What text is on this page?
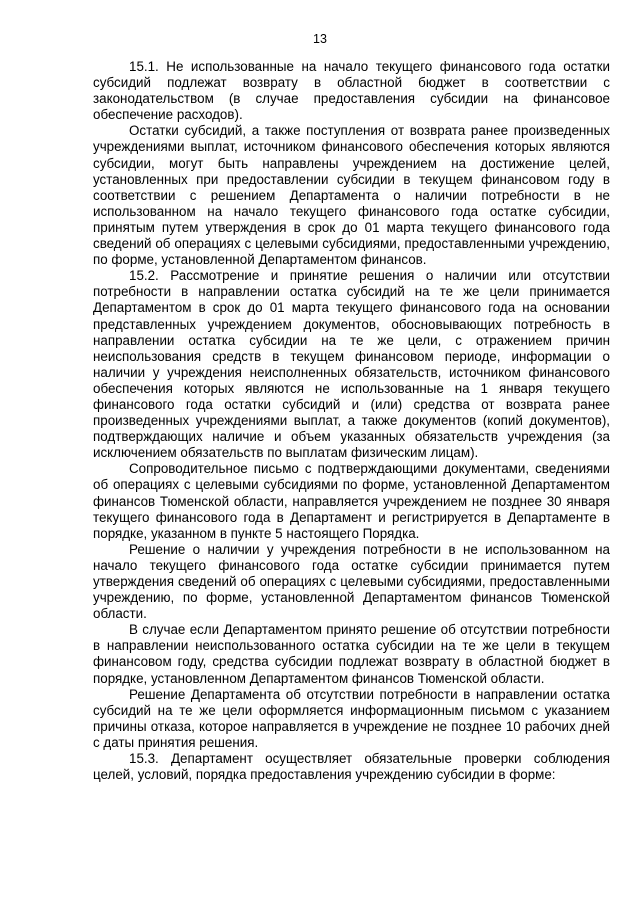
13

15.1. Не использованные на начало текущего финансового года остатки субсидий подлежат возврату в областной бюджет в соответствии с законодательством (в случае предоставления субсидии на финансовое обеспечение расходов).

Остатки субсидий, а также поступления от возврата ранее произведенных учреждениями выплат, источником финансового обеспечения которых являются субсидии, могут быть направлены учреждением на достижение целей, установленных при предоставлении субсидии в текущем финансовом году в соответствии с решением Департамента о наличии потребности в не использованном на начало текущего финансового года остатке субсидии, принятым путем утверждения в срок до 01 марта текущего финансового года сведений об операциях с целевыми субсидиями, предоставленными учреждению, по форме, установленной Департаментом финансов.

15.2. Рассмотрение и принятие решения о наличии или отсутствии потребности в направлении остатка субсидий на те же цели принимается Департаментом в срок до 01 марта текущего финансового года на основании представленных учреждением документов, обосновывающих потребность в направлении остатка субсидии на те же цели, с отражением причин неиспользования средств в текущем финансовом периоде, информации о наличии у учреждения неисполненных обязательств, источником финансового обеспечения которых являются не использованные на 1 января текущего финансового года остатки субсидий и (или) средства от возврата ранее произведенных учреждениями выплат, а также документов (копий документов), подтверждающих наличие и объем указанных обязательств учреждения (за исключением обязательств по выплатам физическим лицам).

Сопроводительное письмо с подтверждающими документами, сведениями об операциях с целевыми субсидиями по форме, установленной Департаментом финансов Тюменской области, направляется учреждением не позднее 30 января текущего финансового года в Департамент и регистрируется в Департаменте в порядке, указанном в пункте 5 настоящего Порядка.

Решение о наличии у учреждения потребности в не использованном на начало текущего финансового года остатке субсидии принимается путем утверждения сведений об операциях с целевыми субсидиями, предоставленными учреждению, по форме, установленной Департаментом финансов Тюменской области.

В случае если Департаментом принято решение об отсутствии потребности в направлении неиспользованного остатка субсидии на те же цели в текущем финансовом году, средства субсидии подлежат возврату в областной бюджет в порядке, установленном Департаментом финансов Тюменской области.

Решение Департамента об отсутствии потребности в направлении остатка субсидий на те же цели оформляется информационным письмом с указанием причины отказа, которое направляется в учреждение не позднее 10 рабочих дней с даты принятия решения.

15.3. Департамент осуществляет обязательные проверки соблюдения целей, условий, порядка предоставления учреждению субсидии в форме:
